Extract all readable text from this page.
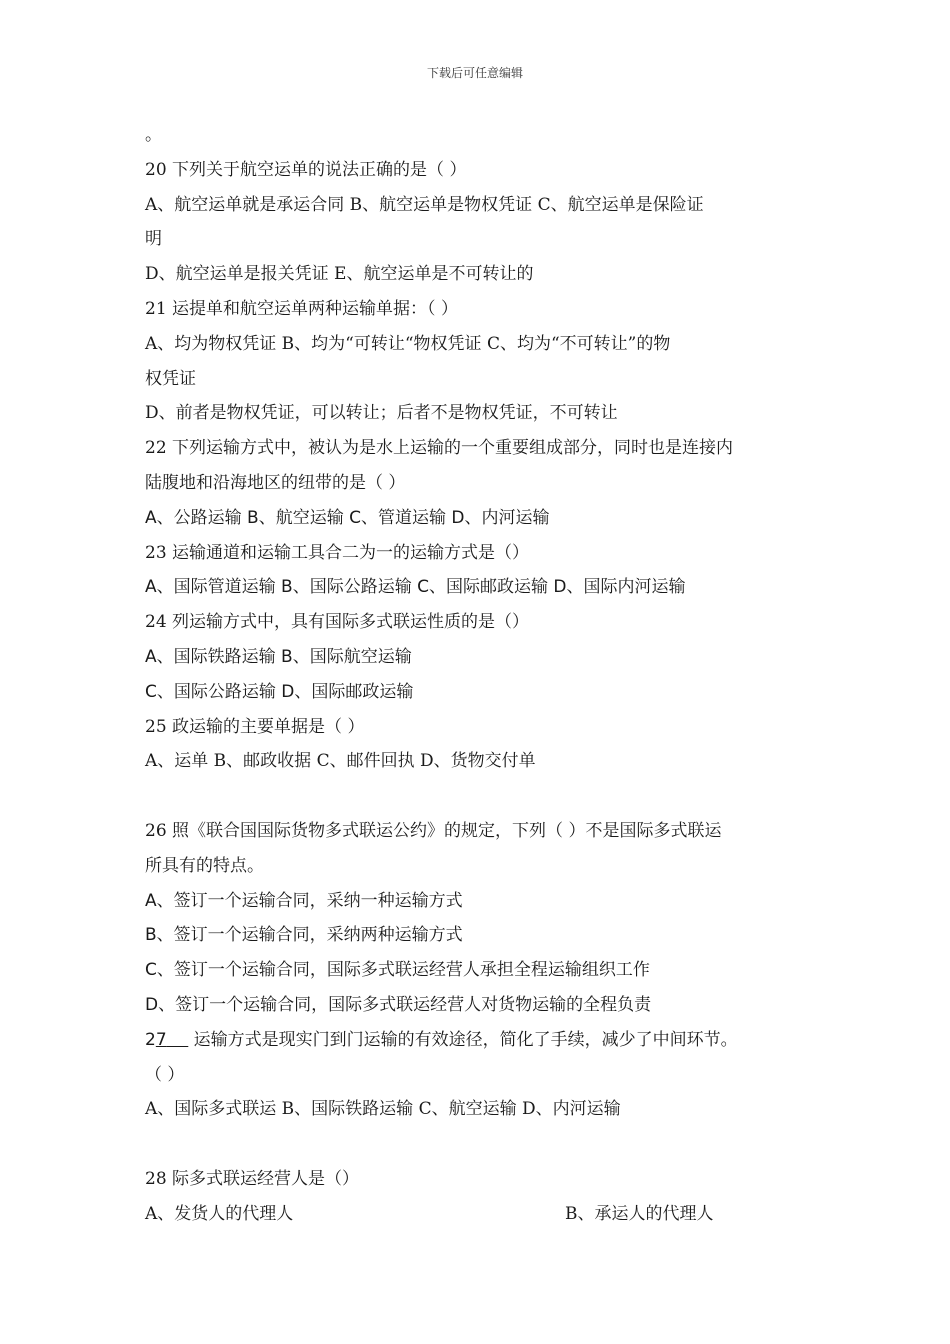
下载后可任意编辑
。
20 下列关于航空运单的说法正确的是（ ）
A、航空运单就是承运合同 B、航空运单是物权凭证 C、航空运单是保险证
明
D、航空运单是报关凭证 E、航空运单是不可转让的
21 运提单和航空运单两种运输单据：（ ）
A、均为物权凭证 B、均为“可转让“物权凭证 C、均为“不可转让”的物
权凭证
D、前者是物权凭证，可以转让；后者不是物权凭证，不可转让
22 下列运输方式中，被认为是水上运输的一个重要组成部分，同时也是连接内
陆腹地和沿海地区的纽带的是（ ）
A、公路运输 B、航空运输 C、管道运输 D、内河运输
23 运输通道和运输工具合二为一的运输方式是（）
A、国际管道运输 B、国际公路运输 C、国际邮政运输 D、国际内河运输
24 列运输方式中，具有国际多式联运性质的是（）
A、国际铁路运输 B、国际航空运输
C、国际公路运输 D、国际邮政运输
25 政运输的主要单据是（ ）
A、运单 B、邮政收据 C、邮件回执 D、货物交付单
26 照《联合国国际货物多式联运公约》的规定，下列（ ）不是国际多式联运
所具有的特点。
A、签订一个运输合同，采纳一种运输方式
B、签订一个运输合同，采纳两种运输方式
C、签订一个运输合同，国际多式联运经营人承担全程运输组织工作
D、签订一个运输合同，国际多式联运经营人对货物运输的全程负责
27     运输方式是现实门到门运输的有效途径，简化了手续，减少了中间环节。
（ ）
A、国际多式联运 B、国际铁路运输 C、航空运输 D、内河运输
28 际多式联运经营人是（）
A、发货人的代理人	B、承运人的代理人
